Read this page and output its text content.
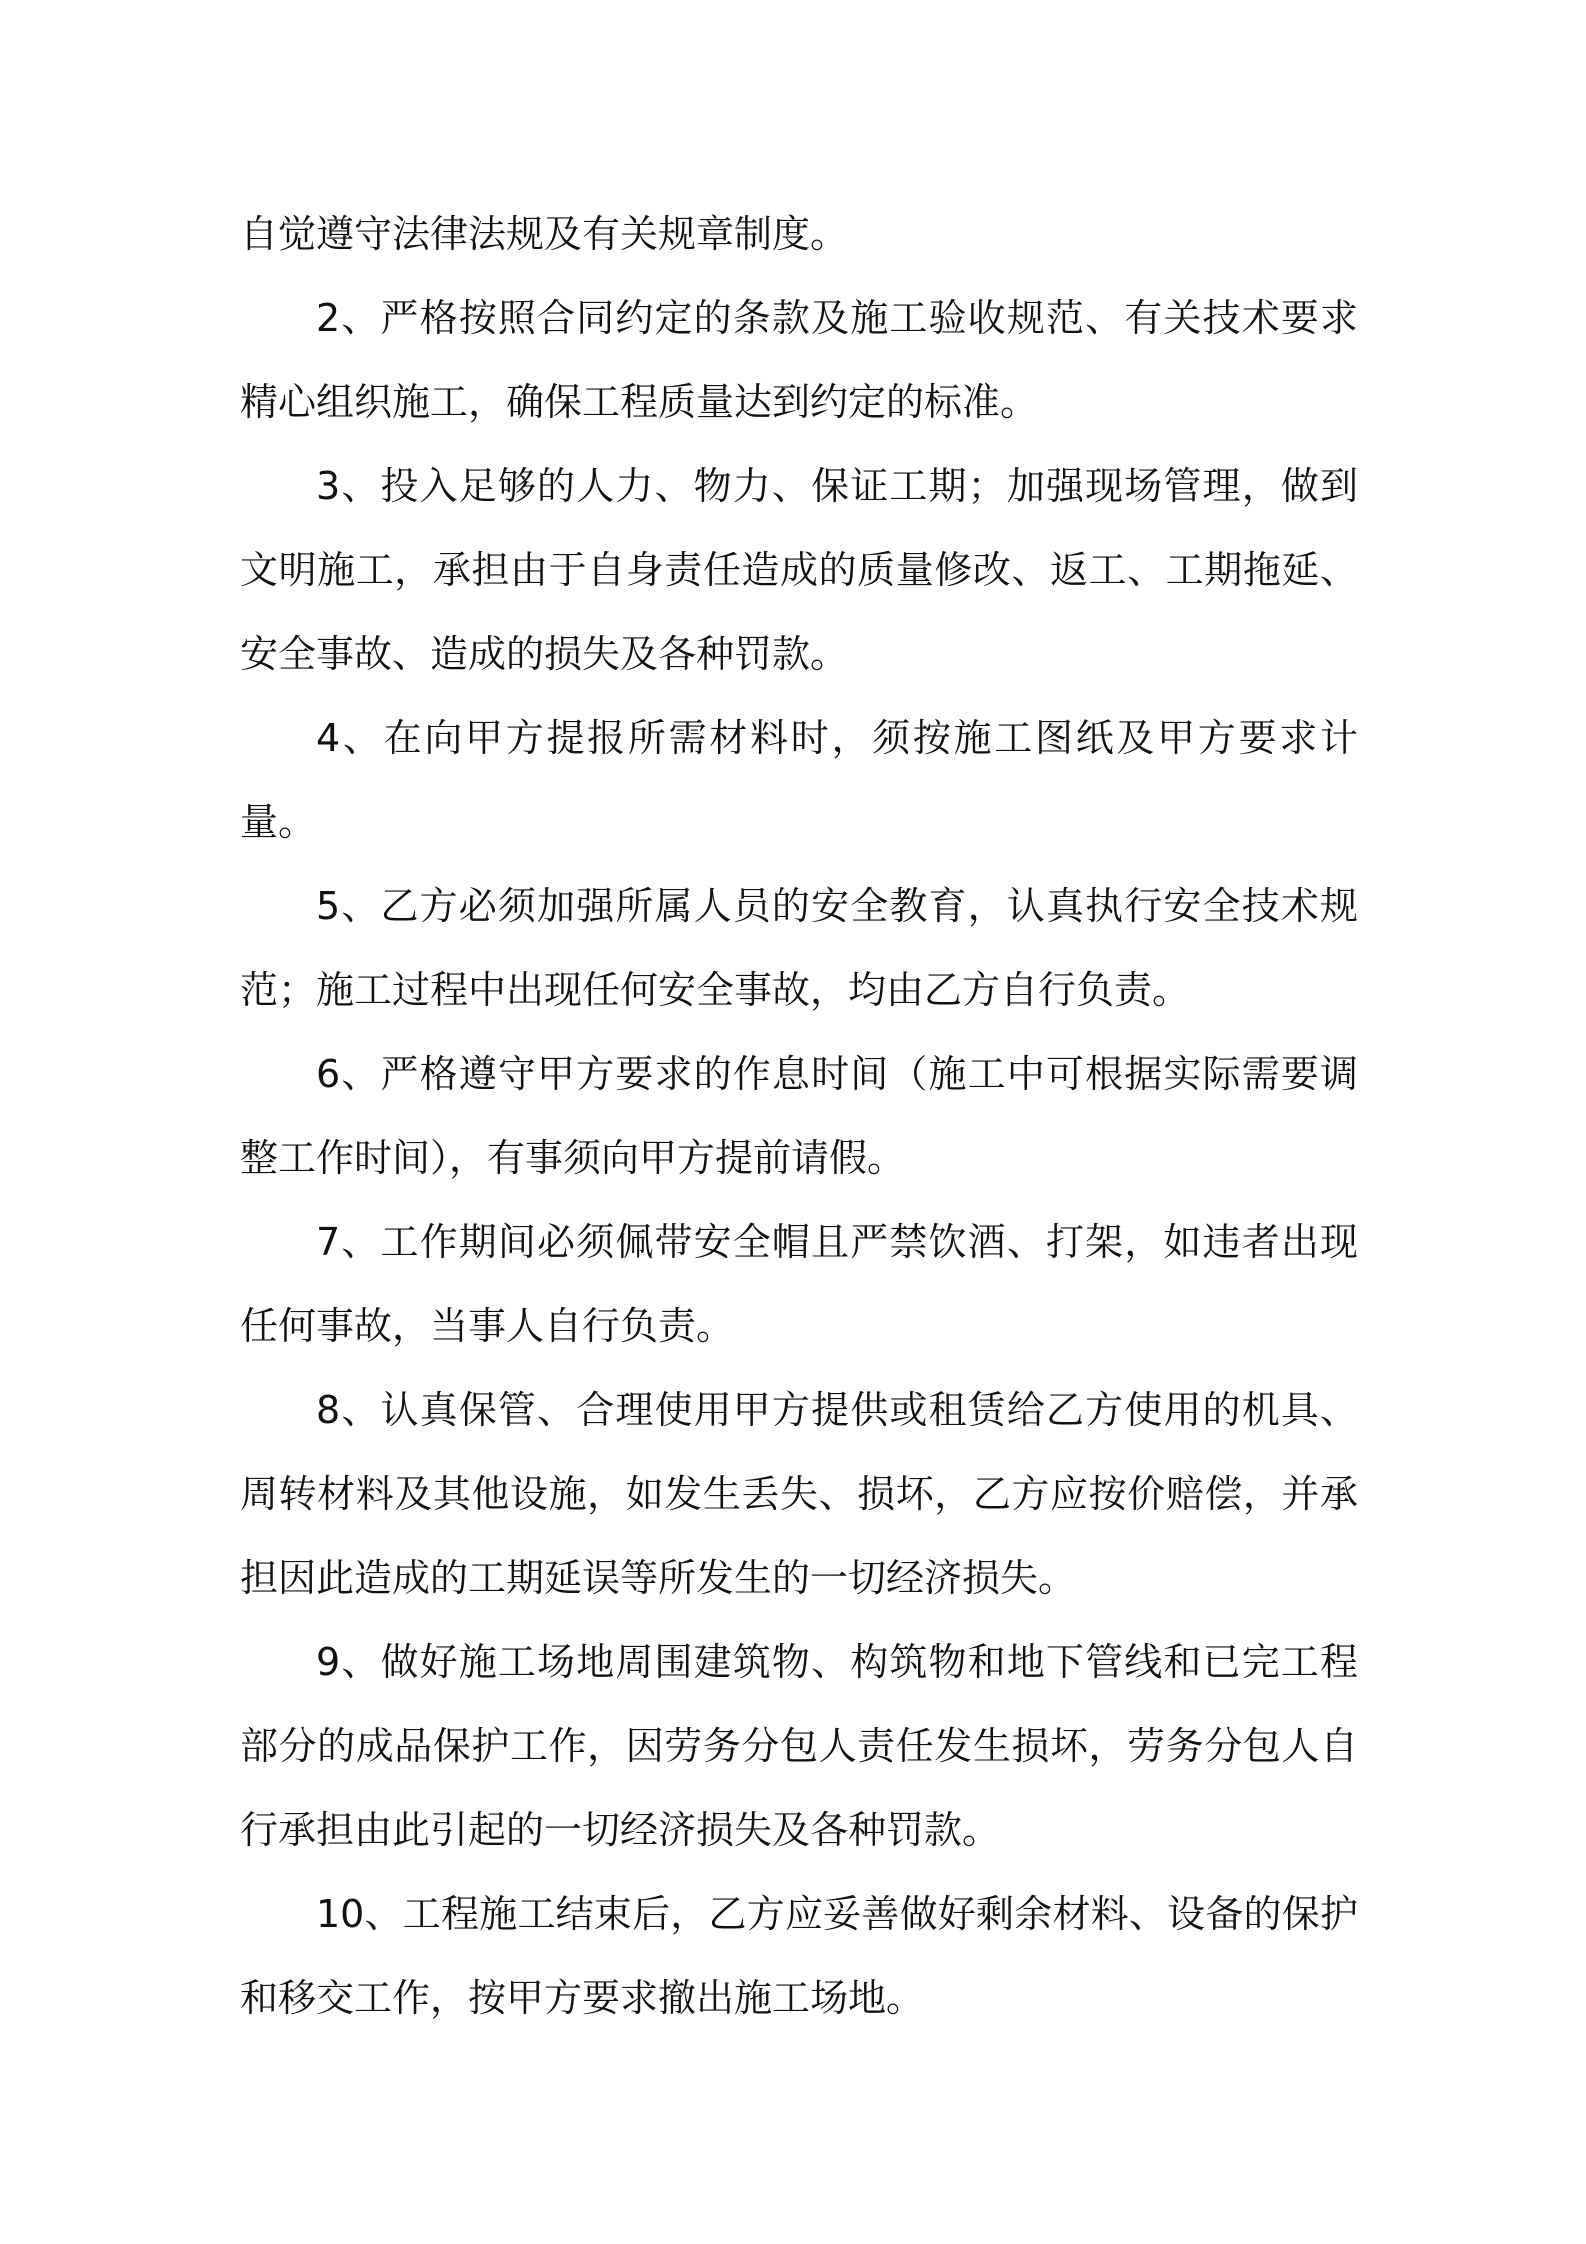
自觉遵守法律法规及有关规章制度。

2、严格按照合同约定的条款及施工验收规范、有关技术要求精心组织施工，确保工程质量达到约定的标准。

3、投入足够的人力、物力、保证工期；加强现场管理，做到文明施工，承担由于自身责任造成的质量修改、返工、工期拖延、安全事故、造成的损失及各种罚款。

4、在向甲方提报所需材料时，须按施工图纸及甲方要求计量。

5、乙方必须加强所属人员的安全教育，认真执行安全技术规范；施工过程中出现任何安全事故，均由乙方自行负责。

6、严格遵守甲方要求的作息时间（施工中可根据实际需要调整工作时间），有事须向甲方提前请假。

7、工作期间必须佩带安全帽且严禁饮酒、打架，如违者出现任何事故，当事人自行负责。

8、认真保管、合理使用甲方提供或租赁给乙方使用的机具、周转材料及其他设施，如发生丢失、损坏，乙方应按价赔偿，并承担因此造成的工期延误等所发生的一切经济损失。

9、做好施工场地周围建筑物、构筑物和地下管线和已完工程部分的成品保护工作，因劳务分包人责任发生损坏，劳务分包人自行承担由此引起的一切经济损失及各种罚款。

10、工程施工结束后，乙方应妥善做好剩余材料、设备的保护和移交工作，按甲方要求撤出施工场地。
